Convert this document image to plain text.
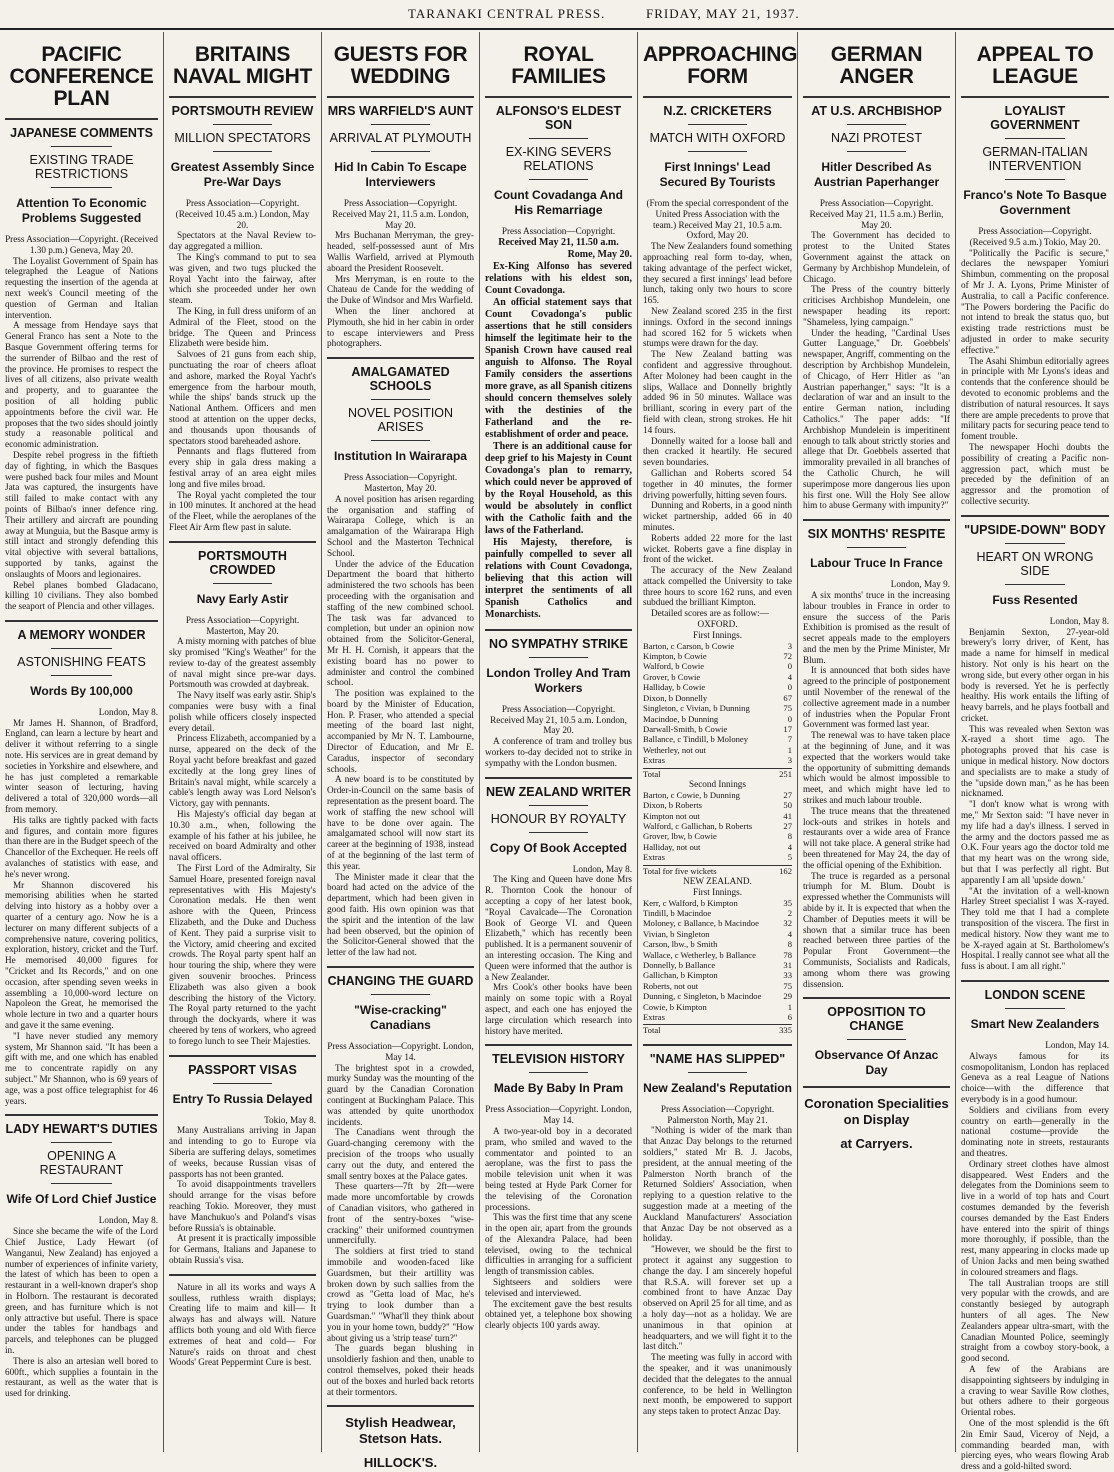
TARANAKI CENTRAL PRESS.	FRIDAY, MAY 21, 1937.
PACIFIC CONFERENCE PLAN
JAPANESE COMMENTS
EXISTING TRADE RESTRICTIONS
Attention To Economic Problems Suggested

Press Association—Copyright. (Received 1.30 p.m.) Geneva, May 20.

The Loyalist Government of Spain has telegraphed the League of Nations requesting the insertion of the agenda at next week's Council meeting of the question of German and Italian intervention.

A message from Hendaye says that General Franco has sent a Note to the Basque Government offering terms for the surrender of Bilbao and the rest of the province. He promises to respect the lives of all citizens, also private wealth and property, and to guarantee the position of all holding public appointments before the civil war. He proposes that the two sides should jointly study a reasonable political and economic administration.

Despite rebel progress in the fiftieth day of fighting, in which the Basques were pushed back four miles and Mount Jata was captured, the insurgents have still failed to make contact with any points of Bilbao's inner defence ring. Their artillery and aircraft are pounding away at Munguia, but the Basque army is still intact and strongly defending this vital objective with several battalions, supported by tanks, against the onslaughts of Moors and legionaires.

Rebel planes bombed Gladacano, killing 10 civilians. They also bombed the seaport of Plencia and other villages.

A MEMORY WONDER
ASTONISHING FEATS
Words By 100,000

London, May 8.

Mr James H. Shannon, of Bradford, England, can learn a lecture by heart and deliver it without referring to a single note. His services are in great demand by societies in Yorkshire and elsewhere, and he has just completed a remarkable winter season of lecturing, having delivered a total of 320,000 words—all from memory.

His talks are tightly packed with facts and figures, and contain more figures than there are in the Budget speech of the Chancellor of the Exchequer. He reels off avalanches of statistics with ease, and he's never wrong.

Mr Shannon discovered his memorising abilities when he started delving into history as a hobby over a quarter of a century ago. Now he is a lecturer on many different subjects of a comprehensive nature, covering politics, exploration, history, cricket and the Turf. He memorised 40,000 figures for "Cricket and Its Records," and on one occasion, after spending seven weeks in assembling a 10,000-word lecture on Napoleon the Great, he memorised the whole lecture in two and a quarter hours and gave it the same evening.

"I have never studied any memory system, Mr Shannon said. "It has been a gift with me, and one which has enabled me to concentrate rapidly on any subject." Mr Shannon, who is 69 years of age, was a post office telegraphist for 46 years.

LADY HEWART'S DUTIES
OPENING A RESTAURANT
Wife Of Lord Chief Justice

London, May 8.

Since she became the wife of the Lord Chief Justice, Lady Hewart (of Wanganui, New Zealand) has enjoyed a number of experiences of infinite variety, the latest of which has been to open a restaurant in a well-known draper's shop in Holborn. The restaurant is decorated green, and has furniture which is not only attractive but useful. There is space under the tables for handbags and parcels, and telephones can be plugged in.

There is also an artesian well bored to 600ft., which supplies a fountain in the restaurant, as well as the water that is used for drinking.

BRITAINS NAVAL MIGHT
PORTSMOUTH REVIEW
MILLION SPECTATORS
Greatest Assembly Since Pre-War Days

Press Association—Copyright. (Received 10.45 a.m.) London, May 20.

Spectators at the Naval Review to-day aggregated a million.

The King's command to put to sea was given, and two tugs plucked the Royal Yacht into the fairway, after which she proceeded under her own steam.

The King, in full dress uniform of an Admiral of the Fleet, stood on the bridge. The Queen and Princess Elizabeth were beside him.

Salvoes of 21 guns from each ship, punctuating the roar of cheers afloat and ashore, marked the Royal Yacht's emergence from the harbour mouth, while the ships' bands struck up the National Anthem. Officers and men stood at attention on the upper decks, and thousands upon thousands of spectators stood bareheaded ashore.

Pennants and flags fluttered from every ship in gala dress making a festival array of an area eight miles long and five miles broad.

The Royal yacht completed the tour in 100 minutes. It anchored at the head of the Fleet, while the aeroplanes of the Fleet Air Arm flew past in salute.

PORTSMOUTH CROWDED
Navy Early Astir

Press Association—Copyright. Masterton, May 20.

A misty morning with patches of blue sky promised "King's Weather" for the review to-day of the greatest assembly of naval might since pre-war days. Portsmouth was crowded at daybreak.

The Navy itself was early astir. Ship's companies were busy with a final polish while officers closely inspected every detail.

Princess Elizabeth, accompanied by a nurse, appeared on the deck of the Royal yacht before breakfast and gazed excitedly at the long grey lines of Britain's naval might, while scarcely a cable's length away was Lord Nelson's Victory, gay with pennants.

His Majesty's official day began at 10.30 a.m., when, following the example of his father at his jubilee, he received on board Admiralty and other naval officers.

The First Lord of the Admiralty, Sir Samuel Hoare, presented foreign naval representatives with His Majesty's Coronation medals. He then went ashore with the Queen, Princess Elizabeth, and the Duke and Duchess of Kent. They paid a surprise visit to the Victory, amid cheering and excited crowds. The Royal party spent half an hour touring the ship, where they were given souvenir brooches. Princess Elizabeth was also given a book describing the history of the Victory. The Royal party returned to the yacht through the dockyards, where it was cheered by tens of workers, who agreed to forego lunch to see Their Majesties.

PASSPORT VISAS
Entry To Russia Delayed

Tokio, May 8.

Many Australians arriving in Japan and intending to go to Europe via Siberia are suffering delays, sometimes of weeks, because Russian visas of passports has not been granted.

To avoid disappointments travellers should arrange for the visas before reaching Tokio. Moreover, they must have Manchukuo's and Poland's visas before Russia's is obtainable.

At present it is practically impossible for Germans, Italians and Japanese to obtain Russia's visa.

Nature in all its works and ways A soulless, ruthless wraith displays; Creating life to maim and kill— It always has and always will. Nature afflicts both young and old With fierce extremes of heat and cold— For Nature's raids on throat and chest Woods' Great Peppermint Cure is best.

GUESTS FOR WEDDING
MRS WARFIELD'S AUNT
ARRIVAL AT PLYMOUTH
Hid In Cabin To Escape Interviewers

Press Association—Copyright. Received May 21, 11.5 a.m. London, May 20.

Mrs Buchanan Merryman, the grey-headed, self-possessed aunt of Mrs Wallis Warfield, arrived at Plymouth aboard the President Roosevelt.

Mrs Merryman, is en route to the Chateau de Cande for the wedding of the Duke of Windsor and Mrs Warfield.

When the liner anchored at Plymouth, she hid in her cabin in order to escape interviewers and Press photographers.

AMALGAMATED SCHOOLS
NOVEL POSITION ARISES
Institution In Wairarapa

Press Association—Copyright. Masterton, May 20.

A novel position has arisen regarding the organisation and staffing of Wairarapa College, which is an amalgamation of the Wairarapa High School and the Masterton Technical School.

Under the advice of the Education Department the board that hitherto administered the two schools has been proceeding with the organisation and staffing of the new combined school. The task was far advanced to completion, but under an opinion now obtained from the Solicitor-General, Mr H. H. Cornish, it appears that the existing board has no power to administer and control the combined school.

The position was explained to the board by the Minister of Education, Hon. P. Fraser, who attended a special meeting of the board last night, accompanied by Mr N. T. Lambourne, Director of Education, and Mr E. Caradus, inspector of secondary schools.

A new board is to be constituted by Order-in-Council on the same basis of representation as the present board. The work of staffing the new school will have to be done over again. The amalgamated school will now start its career at the beginning of 1938, instead of at the beginning of the last term of this year.

The Minister made it clear that the board had acted on the advice of the department, which had been given in good faith. His own opinion was that the spirit and the intention of the law had been observed, but the opinion of the Solicitor-General showed that the letter of the law had not.

CHANGING THE GUARD
"Wise-cracking" Canadians

Press Association—Copyright. London, May 14.

The brightest spot in a crowded, murky Sunday was the mounting of the guard by the Canadian Coronation contingent at Buckingham Palace. This was attended by quite unorthodox incidents.

The Canadians went through the Guard-changing ceremony with the precision of the troops who usually carry out the duty, and entered the small sentry boxes at the Palace gates.

These quarters—7ft by 2ft—were made more uncomfortable by crowds of Canadian visitors, who gathered in front of the sentry-boxes "wise-cracking" their uniformed countrymen unmercifully.

The soldiers at first tried to stand immobile and wooden-faced like Guardsmen, but their artillity was broken down by such sallies from the crowd as "Getta load of Mac, he's trying to look dumber than a Guardsman." "What'll they think about you in your home town, buddy?" "How about giving us a 'strip tease' turn?"

The guards began blushing in unsoldierly fashion and then, unable to control themselves, poked their heads out of the boxes and hurled back retorts at their tormentors.

Stylish Headwear, Stetson Hats.
HILLOCK'S.
ROYAL FAMILIES
ALFONSO'S ELDEST SON
EX-KING SEVERS RELATIONS
Count Covadanga And His Remarriage

Press Association—Copyright.

Received May 21, 11.50 a.m.

Rome, May 20.

Ex-King Alfonso has severed relations with his eldest son, Count Covadonga.

An official statement says that Count Covadonga's public assertions that he still considers himself the legitimate heir to the Spanish Crown have caused real anguish to Alfonso. The Royal Family considers the assertions more grave, as all Spanish citizens should concern themselves solely with the destinies of the Fatherland and the re-establishment of order and peace.

There is an additional cause for deep grief to his Majesty in Count Covadonga's plan to remarry, which could never be approved of by the Royal Household, as this would be absolutely in conflict with the Catholic faith and the laws of the Fatherland.

His Majesty, therefore, is painfully compelled to sever all relations with Count Covadonga, believing that this action will interpret the sentiments of all Spanish Catholics and Monarchists.

NO SYMPATHY STRIKE
London Trolley And Tram Workers

Press Association—Copyright. Received May 21, 10.5 a.m. London, May 20.

A conference of tram and trolley bus workers to-day decided not to strike in sympathy with the London busmen.

NEW ZEALAND WRITER
HONOUR BY ROYALTY
Copy Of Book Accepted

London, May 8.

The King and Queen have done Mrs R. Thornton Cook the honour of accepting a copy of her latest book, "Royal Cavalcade—The Coronation Book of George VI. and Queen Elizabeth," which has recently been published. It is a permanent souvenir of an interesting occasion. The King and Queen were informed that the author is a New Zealander.

Mrs Cook's other books have been mainly on some topic with a Royal aspect, and each one has enjoyed the large circulation which research into history have merited.

TELEVISION HISTORY
Made By Baby In Pram

Press Association—Copyright. London, May 14.

A two-year-old boy in a decorated pram, who smiled and waved to the commentator and pointed to an aeroplane, was the first to pass the mobile television unit when it was being tested at Hyde Park Corner for the televising of the Coronation processions.

This was the first time that any scene in the open air, apart from the grounds of the Alexandra Palace, had been televised, owing to the technical difficulties in arranging for a sufficient length of transmission cables.

Sightseers and soldiers were televised and interviewed.

The excitement gave the best results obtained yet, a telephone box showing clearly objects 100 yards away.

APPROACHING FORM
N.Z. CRICKETERS
MATCH WITH OXFORD
First Innings' Lead Secured By Tourists

(From the special correspondent of the United Press Association with the team.) Received May 21, 10.5 a.m. Oxford, May 20.

The New Zealanders found something approaching real form to-day, when, taking advantage of the perfect wicket, they secured a first innings' lead before lunch, taking only two hours to score 165.

New Zealand scored 235 in the first innings. Oxford in the second innings had scored 162 for 5 wickets when stumps were drawn for the day.

The New Zealand batting was confident and aggressive throughout. After Moloney had been caught in the slips, Wallace and Donnelly brightly added 96 in 50 minutes. Wallace was brilliant, scoring in every part of the field with clean, strong strokes. He hit 14 fours.

Donnelly waited for a loose ball and then cracked it heartily. He secured seven boundaries.

Gallichan and Roberts scored 54 together in 40 minutes, the former driving powerfully, hitting seven fours.

Dunning and Roberts, in a good ninth wicket partnership, added 66 in 40 minutes.

Roberts added 22 more for the last wicket. Roberts gave a fine display in front of the wicket.

The accuracy of the New Zealand attack compelled the University to take three hours to score 162 runs, and even subdued the brilliant Kimpton.

Detailed scores are as follow:—

OXFORD.

First Innings.

Barton, c Carson, b Cowie	3
Kimpton, b Cowie	72
Walford, b Cowie	0
Grover, b Cowie	4
Halliday, b Cowie	0
Dixon, b Donnelly	67
Singleton, c Vivian, b Dunning	75
Macindoe, b Dunning	0
Darwall-Smith, b Cowie	17
Ballance, c Tindill, b Moloney	7
Wetherley, not out	1
Extras	3
Total	251

Second Innings

Barton, c Cowie, b Dunning	27
Dixon, b Roberts	50
Kimpton not out	41
Walford, c Gallichan, b Roberts	27
Grover, lbw, b Cowie	8
Halliday, not out	4
Extras	5
Total for five wickets	162

NEW ZEALAND.

First Innings.

Kerr, c Walford, b Kimpton	35
Tindill, b Macindoe	2
Moloney, c Ballance, b Macindoe	32
Vivian, b Singleton	4
Carson, lbw., b Smith	8
Wallace, c Wetherley, b Ballance	78
Donnelly, b Ballance	31
Gallichan, b Kimpton	33
Roberts, not out	75
Dunning, c Singleton, b Macindoe	29
Cowie, b Kimpton	1
Extras	6
Total	335
"NAME HAS SLIPPED"
New Zealand's Reputation

Press Association—Copyright. Palmerston North, May 21.

"Nothing is wider of the mark than that Anzac Day belongs to the returned soldiers," stated Mr B. J. Jacobs, president, at the annual meeting of the Palmerston North branch of the Returned Soldiers' Association, when replying to a question relative to the suggestion made at a meeting of the Auckland Manufacturers' Association that Anzac Day be not observed as a holiday.

"However, we should be the first to protect it against any suggestion to change the day. I am sincerely hopeful that R.S.A. will forever set up a combined front to have Anzac Day observed on April 25 for all time, and as a holy day—not as a holiday. We are unanimous in that opinion at headquarters, and we will fight it to the last ditch."

The meeting was fully in accord with the speaker, and it was unanimously decided that the delegates to the annual conference, to be held in Wellington next month, be empowered to support any steps taken to protect Anzac Day.

GERMAN ANGER
AT U.S. ARCHBISHOP
NAZI PROTEST
Hitler Described As Austrian Paperhanger

Press Association—Copyright. Received May 21, 11.5 a.m.) Berlin, May 20.

The Government has decided to protest to the United States Government against the attack on Germany by Archbishop Mundelein, of Chicago.

The Press of the country bitterly criticises Archbishop Mundelein, one newspaper heading its report: "Shameless, lying campaign."

Under the heading, "Cardinal Uses Gutter Language," Dr. Goebbels' newspaper, Angriff, commenting on the description by Archbishop Mundelein, of Chicago, of Herr Hitler as "an Austrian paperhanger," says: "It is a declaration of war and an insult to the entire German nation, including Catholics." The paper adds: "If Archbishop Mundelein is imperitinent enough to talk about strictly stories and allege that Dr. Goebbels asserted that immorality prevailed in all branches of the Catholic Church, he will superimpose more dangerous lies upon his first one. Will the Holy See allow him to abuse Germany with impunity?"

SIX MONTHS' RESPITE
Labour Truce In France

London, May 9.

A six months' truce in the increasing labour troubles in France in order to ensure the success of the Paris Exhibition is promised as the result of secret appeals made to the employers and the men by the Prime Minister, Mr Blum.

It is announced that both sides have agreed to the principle of postponement until November of the renewal of the collective agreement made in a number of industries when the Popular Front Government was formed last year.

The renewal was to have taken place at the beginning of June, and it was expected that the workers would take the opportunity of submitting demands which would be almost impossible to meet, and which might have led to strikes and much labour trouble.

The truce means that the threatened lock-outs and strikes in hotels and restaurants over a wide area of France will not take place. A general strike had been threatened for May 24, the day of the official opening of the Exhibition.

The truce is regarded as a personal triumph for M. Blum. Doubt is expressed whether the Communists will abide by it. It is expected that when the Chamber of Deputies meets it will be shown that a similar truce has been reached between three parties of the Popular Front Government—the Communists, Socialists and Radicals, among whom there was growing dissension.

OPPOSITION TO CHANGE
Observance Of Anzac Day
Coronation Specialities on Display
at Carryers.
APPEAL TO LEAGUE
LOYALIST GOVERNMENT
GERMAN-ITALIAN INTERVENTION
Franco's Note To Basque Government

Press Association—Copyright. (Received 9.5 a.m.) Tokio, May 20.

"Politically the Pacific is secure," declares the newspaper Yomiuri Shimbun, commenting on the proposal of Mr J. A. Lyons, Prime Minister of Australia, to call a Pacific conference. "The Powers bordering the Pacific do not intend to break the status quo, but existing trade restrictions must be adjusted in order to make security effective."

The Asahi Shimbun editorially agrees in principle with Mr Lyons's ideas and contends that the conference should be devoted to economic problems and the distribution of natural resources. It says there are ample precedents to prove that military pacts for securing peace tend to foment trouble.

The newspaper Hochi doubts the possibility of creating a Pacific non-aggression pact, which must be preceded by the definition of an aggressor and the promotion of collective security.

"UPSIDE-DOWN" BODY
HEART ON WRONG SIDE
Fuss Resented

London, May 8.

Benjamin Sexton, 27-year-old brewery's lorry driver, of Kent, has made a name for himself in medical history. Not only is his heart on the wrong side, but every other organ in his body is reversed. Yet he is perfectly healthy. His work entails the lifting of heavy barrels, and he plays football and cricket.

This was revealed when Sexton was X-rayed a short time ago. The photographs proved that his case is unique in medical history. Now doctors and specialists are to make a study of the "upside down man," as he has been nicknamed.

"I don't know what is wrong with me," Mr Sexton said: "I have never in my life had a day's illness. I served in the army and the doctors passed me as O.K. Four years ago the doctor told me that my heart was on the wrong side, but that I was perfectly all right. But apparently I am all 'upside down.'

"At the invitation of a well-known Harley Street specialist I was X-rayed. They told me that I had a complete transposition of the viscera. The first in medical history. Now they want me to be X-rayed again at St. Bartholomew's Hospital. I really cannot see what all the fuss is about. I am all right."

LONDON SCENE
Smart New Zealanders

London, May 14.

Always famous for its cosmopolitanism, London has replaced Geneva as a real League of Nations choice—with the difference that everybody is in a good humour.

Soldiers and civilians from every country on earth—generally in the national costume—provide the dominating note in streets, restaurants and theatres.

Ordinary street clothes have almost disappeared. West Enders and the delegates from the Dominions seem to live in a world of top hats and Court costumes demanded by the feverish courses demanded by the East Enders have entered into the spirit of things more thoroughly, if possible, than the rest, many appearing in clocks made up of Union Jacks and men being swathed in coloured streamers and flags.

The tall Australian troops are still very popular with the crowds, and are constantly besieged by autograph hunters of all ages. The New Zealanders appear ultra-smart, with the Canadian Mounted Police, seemingly straight from a cowboy story-book, a good second.

A few of the Arabians are disappointing sightseers by indulging in a craving to wear Saville Row clothes, but others adhere to their gorgeous Oriental robes.

One of the most splendid is the 6ft 2in Emir Saud, Viceroy of Nejd, a commanding bearded man, with piercing eyes, who wears flowing Arab dress and a gold-hilted sword.
